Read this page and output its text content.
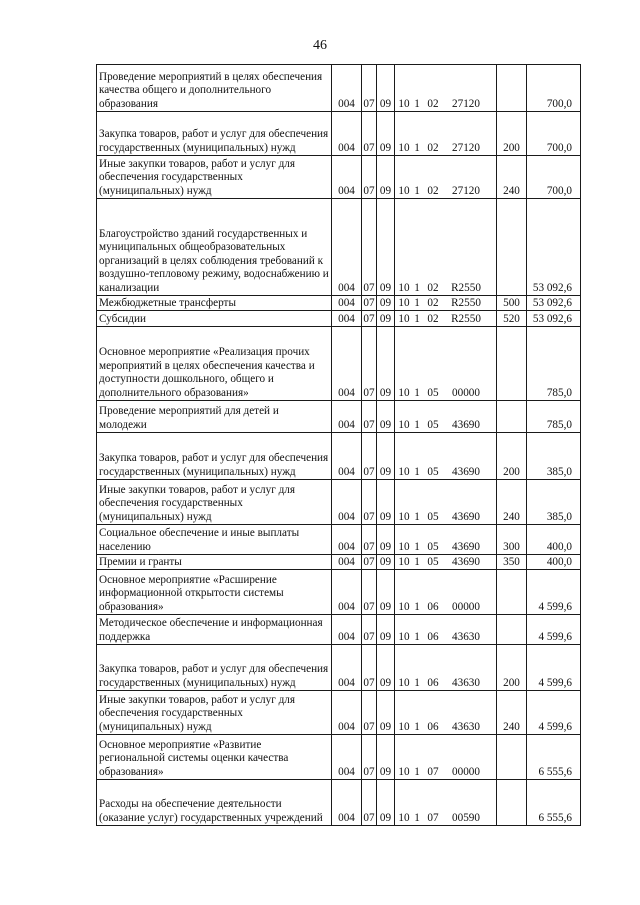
46
Проведение мероприятий в целях обеспечения качества общего и дополнительного образования	004	07	09	10 1 02 27120		700,0
Закупка товаров, работ и услуг для обеспечения государственных (муниципальных) нужд	004	07	09	10 1 02 27120	200	700,0
Иные закупки товаров, работ и услуг для обеспечения государственных (муниципальных) нужд	004	07	09	10 1 02 27120	240	700,0
Благоустройство зданий государственных и муниципальных общеобразовательных организаций в целях соблюдения требований к воздушно-тепловому режиму, водоснабжению и канализации	004	07	09	10 1 02 R2550		53 092,6
Межбюджетные трансферты	004	07	09	10 1 02 R2550	500	53 092,6
Субсидии	004	07	09	10 1 02 R2550	520	53 092,6
Основное мероприятие «Реализация прочих мероприятий в целях обеспечения качества и доступности дошкольного, общего и дополнительного образования»	004	07	09	10 1 05 00000		785,0
Проведение мероприятий для детей и молодежи	004	07	09	10 1 05 43690		785,0
Закупка товаров, работ и услуг для обеспечения государственных (муниципальных) нужд	004	07	09	10 1 05 43690	200	385,0
Иные закупки товаров, работ и услуг для обеспечения государственных (муниципальных) нужд	004	07	09	10 1 05 43690	240	385,0
Социальное обеспечение и иные выплаты населению	004	07	09	10 1 05 43690	300	400,0
Премии и гранты	004	07	09	10 1 05 43690	350	400,0
Основное мероприятие «Расширение информационной открытости системы образования»	004	07	09	10 1 06 00000		4 599,6
Методическое обеспечение и информационная поддержка	004	07	09	10 1 06 43630		4 599,6
Закупка товаров, работ и услуг для обеспечения государственных (муниципальных) нужд	004	07	09	10 1 06 43630	200	4 599,6
Иные закупки товаров, работ и услуг для обеспечения государственных (муниципальных) нужд	004	07	09	10 1 06 43630	240	4 599,6
Основное мероприятие «Развитие региональной системы оценки качества образования»	004	07	09	10 1 07 00000		6 555,6
Расходы на обеспечение деятельности (оказание услуг) государственных учреждений	004	07	09	10 1 07 00590		6 555,6
